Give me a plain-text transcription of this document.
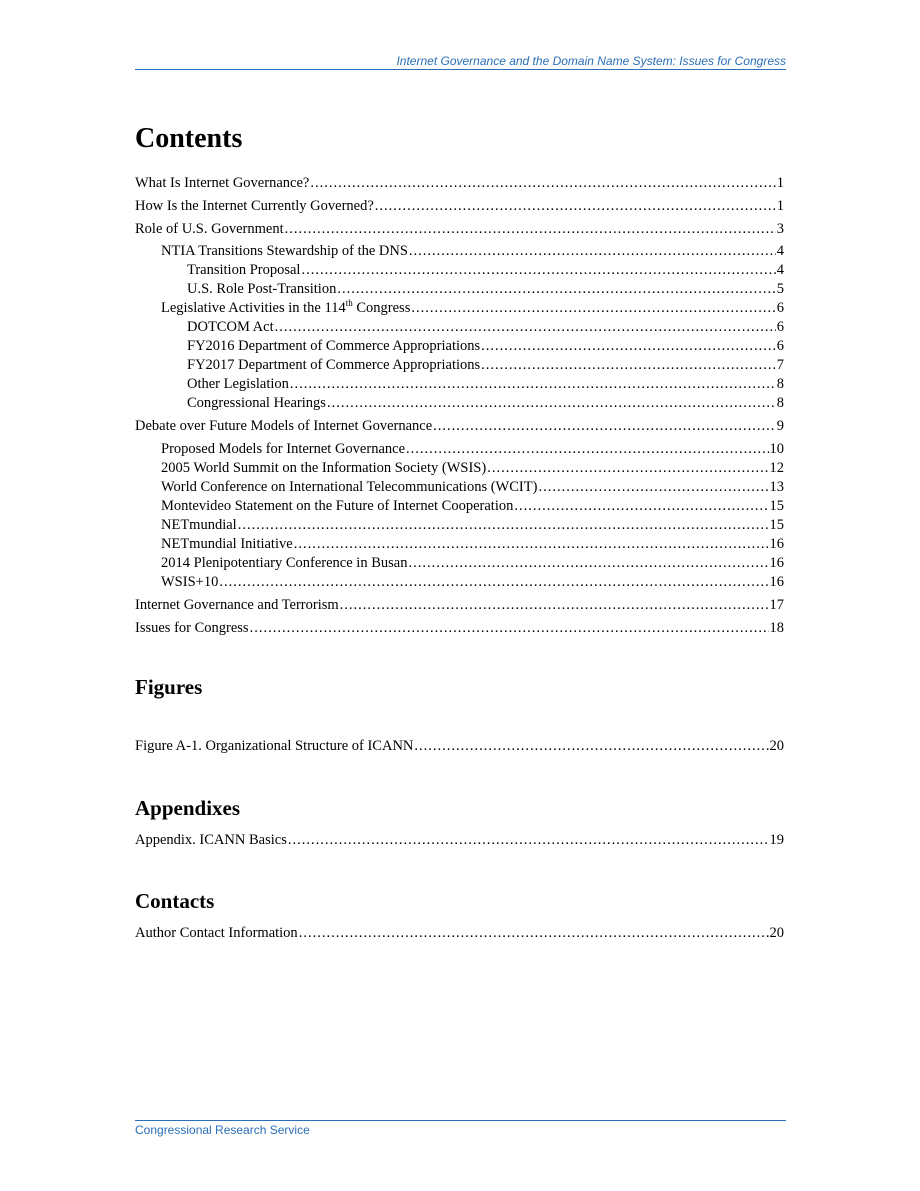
Internet Governance and the Domain Name System: Issues for Congress
Contents
What Is Internet Governance? .....	1
How Is the Internet Currently Governed? .....	1
Role of U.S. Government .....	3
NTIA Transitions Stewardship of the DNS .....	4
Transition Proposal .....	4
U.S. Role Post-Transition .....	5
Legislative Activities in the 114th Congress .....	6
DOTCOM Act .....	6
FY2016 Department of Commerce Appropriations .....	6
FY2017 Department of Commerce Appropriations .....	7
Other Legislation .....	8
Congressional Hearings .....	8
Debate over Future Models of Internet Governance .....	9
Proposed Models for Internet Governance .....	10
2005 World Summit on the Information Society (WSIS) .....	12
World Conference on International Telecommunications (WCIT) .....	13
Montevideo Statement on the Future of Internet Cooperation .....	15
NETmundial .....	15
NETmundial Initiative .....	16
2014 Plenipotentiary Conference in Busan .....	16
WSIS+10 .....	16
Internet Governance and Terrorism .....	17
Issues for Congress .....	18
Figures
Figure A-1. Organizational Structure of ICANN .....	20
Appendixes
Appendix. ICANN Basics .....	19
Contacts
Author Contact Information .....	20
Congressional Research Service
